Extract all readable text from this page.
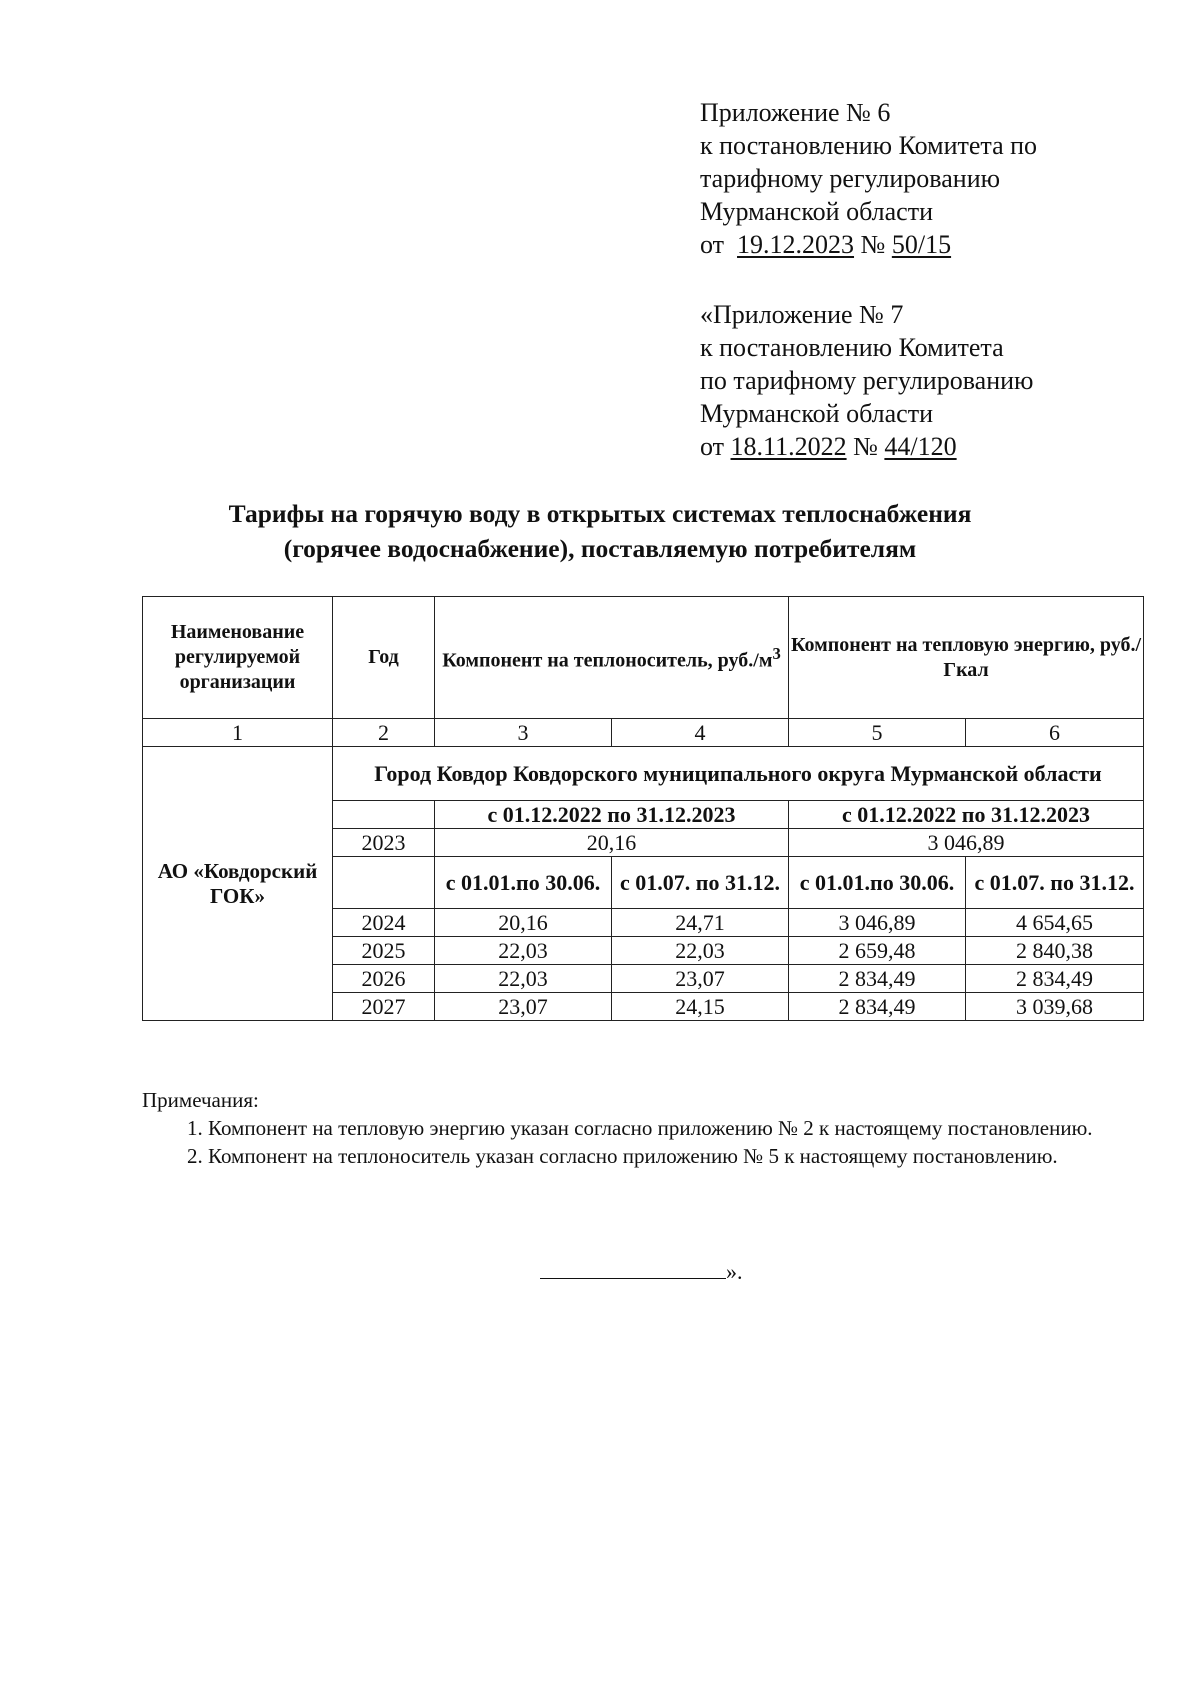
Приложение № 6
к постановлению Комитета по
тарифному регулированию
Мурманской области
от 19.12.2023 № 50/15
«Приложение № 7
к постановлению Комитета
по тарифному регулированию
Мурманской области
от 18.11.2022 № 44/120
Тарифы на горячую воду в открытых системах теплоснабжения
(горячее водоснабжение), поставляемую потребителям
Наименование регулируемой организации	Год	Компонент на теплоноситель, $руб./м^3$		Компонент на тепловую энергию, руб./Гкал	
1	2	3	4	5	6
АО «Ковдорский ГОК»	Город Ковдор Ковдорского муниципального округа Мурманской области				
		с 01.12.2022 по 31.12.2023		с 01.12.2022 по 31.12.2023	
	2023	20,16		3 046,89	
		с 01.01.по 30.06.	с 01.07. по 31.12.	с 01.01.по 30.06.	с 01.07. по 31.12.
	2024	20,16	24,71	3 046,89	4 654,65
	2025	22,03	22,03	2 659,48	2 840,38
	2026	22,03	23,07	2 834,49	2 834,49
	2027	23,07	24,15	2 834,49	3 039,68

Примечания:

1. Компонент на тепловую энергию указан согласно приложению № 2 к настоящему постановлению.

2. Компонент на теплоноситель указан согласно приложению № 5 к настоящему постановлению.

».
